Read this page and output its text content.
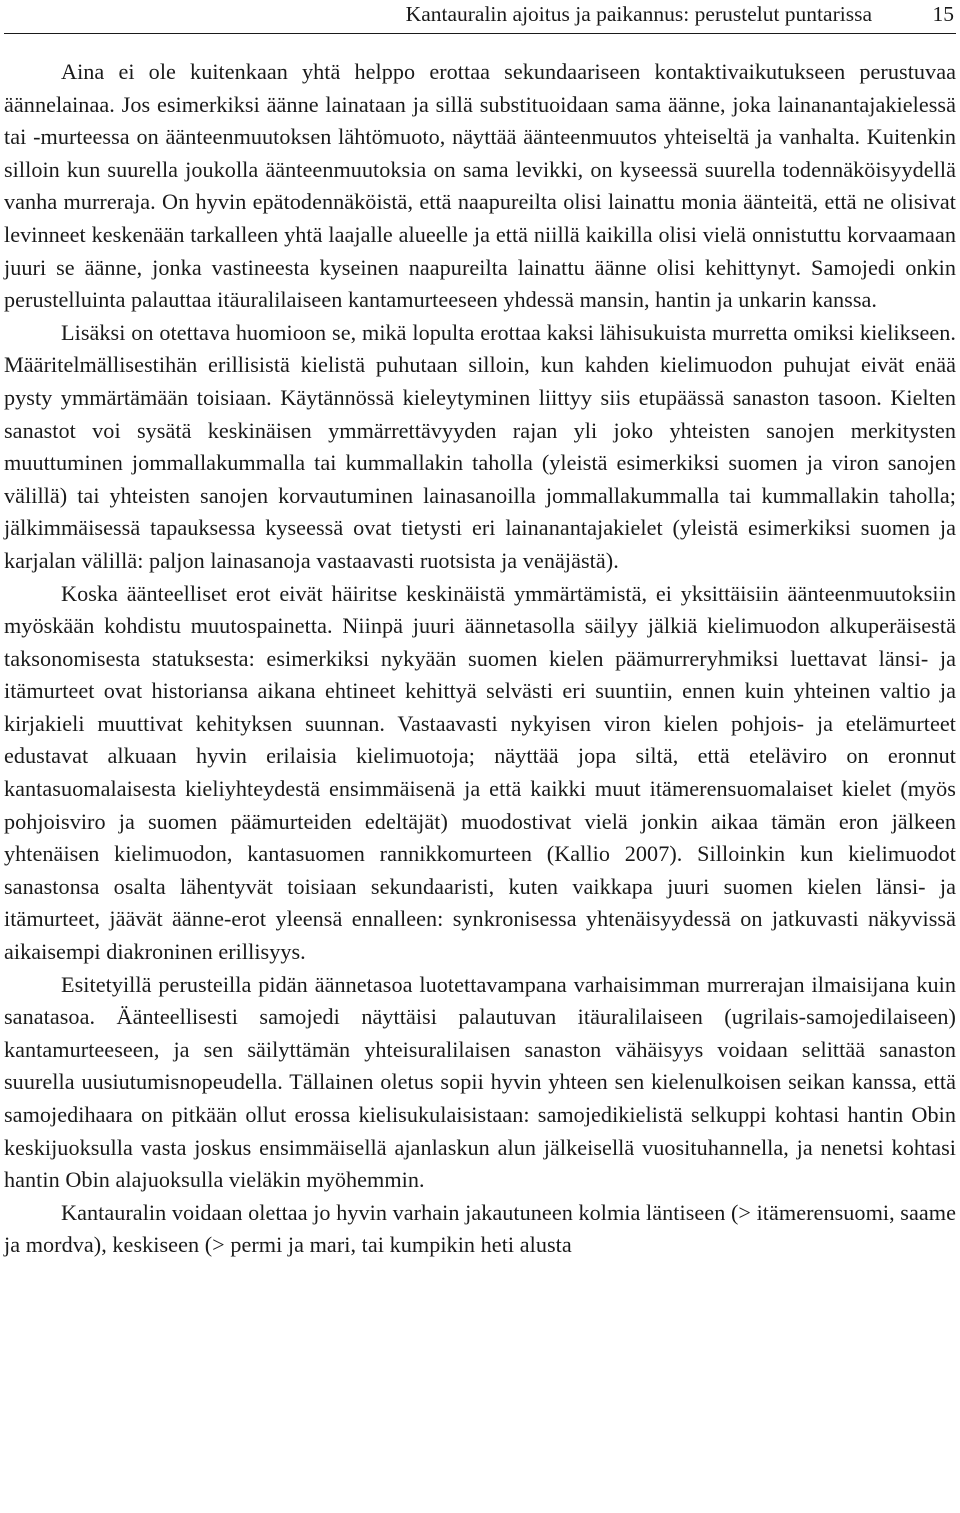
Kantauralin ajoitus ja paikannus: perustelut puntarissa	15

Aina ei ole kuitenkaan yhtä helppo erottaa sekundaariseen kontaktivaikutukseen perustuvaa äännelainaa. Jos esimerkiksi äänne lainataan ja sillä substituoidaan sama äänne, joka lainanantajakielessä tai -murteessa on äänteenmuutoksen lähtömuoto, näyttää äänteenmuutos yhteiseltä ja vanhalta. Kuitenkin silloin kun suurella joukolla äänteenmuutoksia on sama levikki, on kyseessä suurella todennäköisyydellä vanha murreraja. On hyvin epätodennäköistä, että naapureilta olisi lainattu monia äänteitä, että ne olisivat levinneet keskenään tarkalleen yhtä laajalle alueelle ja että niillä kaikilla olisi vielä onnistuttu korvaamaan juuri se äänne, jonka vastineesta kyseinen naapureilta lainattu äänne olisi kehittynyt. Samojedi onkin perustelluinta palauttaa itäuralilaiseen kantamurteeseen yhdessä mansin, hantin ja unkarin kanssa.

Lisäksi on otettava huomioon se, mikä lopulta erottaa kaksi lähisukuista murretta omiksi kielikseen. Määritelmällisestihän erillisistä kielistä puhutaan silloin, kun kahden kielimuodon puhujat eivät enää pysty ymmärtämään toisiaan. Käytännössä kieleytyminen liittyy siis etupäässä sanaston tasoon. Kielten sanastot voi sysätä keskinäisen ymmärrettävyyden rajan yli joko yhteisten sanojen merkitysten muuttuminen jommallakummalla tai kummallakin taholla (yleistä esimerkiksi suomen ja viron sanojen välillä) tai yhteisten sanojen korvautuminen lainasanoilla jommallakummalla tai kummallakin taholla; jälkimmäisessä tapauksessa kyseessä ovat tietysti eri lainanantajakielet (yleistä esimerkiksi suomen ja karjalan välillä: paljon lainasanoja vastaavasti ruotsista ja venäjästä).

Koska äänteelliset erot eivät häiritse keskinäistä ymmärtämistä, ei yksittäisiin äänteenmuutoksiin myöskään kohdistu muutospainetta. Niinpä juuri äännetasolla säilyy jälkiä kielimuodon alkuperäisestä taksonomisesta statuksesta: esimerkiksi nykyään suomen kielen päämurreryhmiksi luettavat länsi- ja itämurteet ovat historiansa aikana ehtineet kehittyä selvästi eri suuntiin, ennen kuin yhteinen valtio ja kirjakieli muuttivat kehityksen suunnan. Vastaavasti nykyisen viron kielen pohjois- ja etelämurteet edustavat alkuaan hyvin erilaisia kielimuotoja; näyttää jopa siltä, että eteläviro on eronnut kantasuomalaisesta kieliyhteydestä ensimmäisenä ja että kaikki muut itämerensuomalaiset kielet (myös pohjoisviro ja suomen päämurteiden edeltäjät) muodostivat vielä jonkin aikaa tämän eron jälkeen yhtenäisen kielimuodon, kantasuomen rannikkomurteen (Kallio 2007). Silloinkin kun kielimuodot sanastonsa osalta lähentyvät toisiaan sekundaaristi, kuten vaikkapa juuri suomen kielen länsi- ja itämurteet, jäävät äänne-erot yleensä ennalleen: synkronisessa yhtenäisyydessä on jatkuvasti näkyvissä aikaisempi diakroninen erillisyys.

Esitetyillä perusteilla pidän äännetasoa luotettavampana varhaisimman murrerajan ilmaisijana kuin sanatasoa. Äänteellisesti samojedi näyttäisi palautuvan itäuralilaiseen (ugrilais-samojedilaiseen) kantamurteeseen, ja sen säilyttämän yhteisuralilaisen sanaston vähäisyys voidaan selittää sanaston suurella uusiutumisnopeudella. Tällainen oletus sopii hyvin yhteen sen kielenulkoisen seikan kanssa, että samojedihaara on pitkään ollut erossa kielisukulaisistaan: samojedikielistä selkuppi kohtasi hantin Obin keskijuoksulla vasta joskus ensimmäisellä ajanlaskun alun jälkeisellä vuosituhannella, ja nenetsi kohtasi hantin Obin alajuoksulla vieläkin myöhemmin.

Kantauralin voidaan olettaa jo hyvin varhain jakautuneen kolmia läntiseen (> itämerensuomi, saame ja mordva), keskiseen (> permi ja mari, tai kumpikin heti alusta
